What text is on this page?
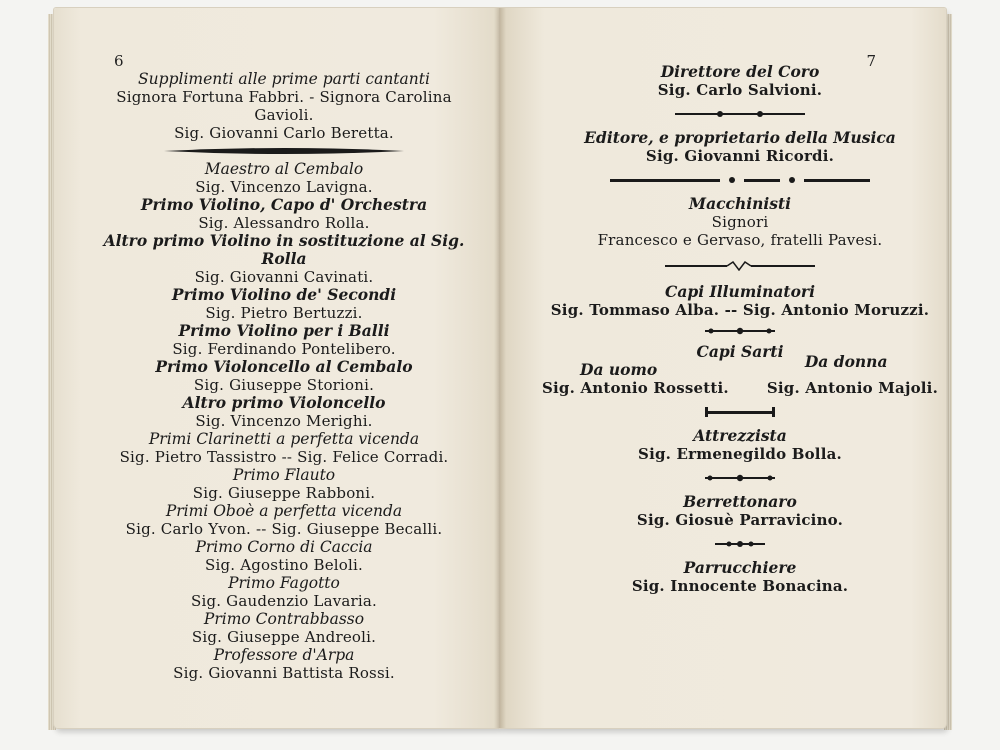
6
Supplimenti alle prime parti cantanti
Signora Fortuna Fabbri. - Signora Carolina Gavioli.
Sig. Giovanni Carlo Beretta.
Maestro al Cembalo
Sig. Vincenzo Lavigna.
Primo Violino, Capo d' Orchestra
Sig. Alessandro Rolla.
Altro primo Violino in sostituzione al Sig. Rolla
Sig. Giovanni Cavinati.
Primo Violino de' Secondi
Sig. Pietro Bertuzzi.
Primo Violino per i Balli
Sig. Ferdinando Pontelibero.
Primo Violoncello al Cembalo
Sig. Giuseppe Storioni.
Altro primo Violoncello
Sig. Vincenzo Merighi.
Primi Clarinetti a perfetta vicenda
Sig. Pietro Tassistro -- Sig. Felice Corradi.
Primo Flauto
Sig. Giuseppe Rabboni.
Primi Oboè a perfetta vicenda
Sig. Carlo Yvon. -- Sig. Giuseppe Becalli.
Primo Corno di Caccia
Sig. Agostino Beloli.
Primo Fagotto
Sig. Gaudenzio Lavaria.
Primo Contrabbasso
Sig. Giuseppe Andreoli.
Professore d'Arpa
Sig. Giovanni Battista Rossi.
7
Direttore del Coro
Sig. Carlo Salvioni.
Editore, e proprietario della Musica
Sig. Giovanni Ricordi.
Macchinisti
Signori
Francesco e Gervaso, fratelli Pavesi.
Capi Illuminatori
Sig. Tommaso Alba. -- Sig. Antonio Moruzzi.
Capi Sarti
Da uomo
Sig. Antonio Rossetti.
Da donna
Sig. Antonio Majoli.
Attrezzista
Sig. Ermenegildo Bolla.
Berrettonaro
Sig. Giosuè Parravicino.
Parrucchiere
Sig. Innocente Bonacina.
